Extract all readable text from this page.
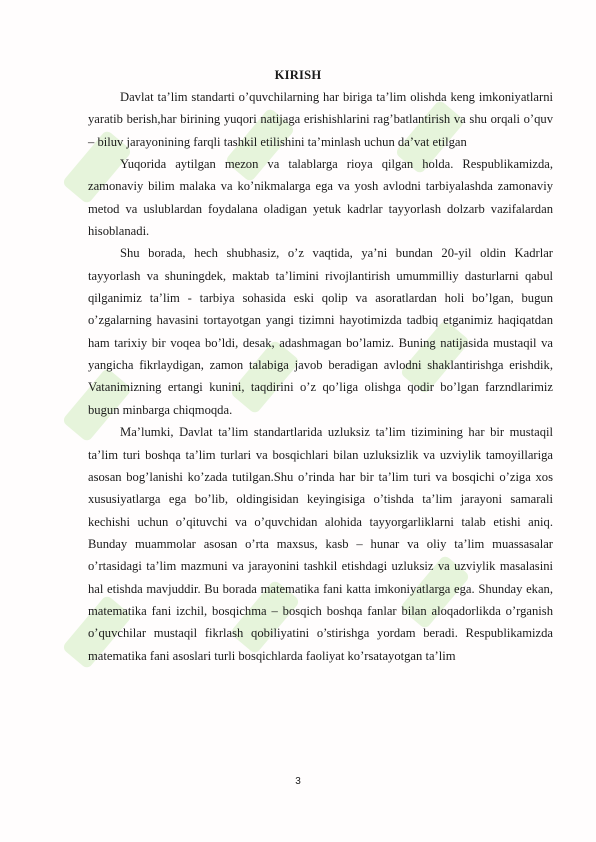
KIRISH

Davlat ta’lim standarti o’quvchilarning har biriga ta’lim olishda keng imkoniyatlarni yaratib berish,har birining yuqori natijaga erishishlarini rag’batlantirish va shu orqali o’quv – biluv jarayonining farqli tashkil etilishini ta’minlash uchun da’vat etilgan

Yuqorida aytilgan mezon va talablarga rioya qilgan holda. Respublikamizda, zamonaviy bilim malaka va ko’nikmalarga ega va yosh avlodni tarbiyalashda zamonaviy metod va uslublardan foydalana oladigan yetuk kadrlar tayyorlash dolzarb vazifalardan hisoblanadi.

Shu borada, hech shubhasiz, o’z vaqtida, ya’ni bundan 20-yil oldin Kadrlar tayyorlash va shuningdek, maktab ta’limini rivojlantirish umummilliy dasturlarni qabul qilganimiz ta’lim - tarbiya sohasida eski qolip va asoratlardan holi bo’lgan, bugun o’zgalarning havasini tortayotgan yangi tizimni hayotimizda tadbiq etganimiz haqiqatdan ham tarixiy bir voqea bo’ldi, desak, adashmagan bo’lamiz. Buning natijasida mustaqil va yangicha fikrlaydigan, zamon talabiga javob beradigan avlodni shaklantirishga erishdik, Vatanimizning ertangi kunini, taqdirini o’z qo’liga olishga qodir bo’lgan farzndlarimiz bugun minbarga chiqmoqda.

Ma’lumki, Davlat ta’lim standartlarida uzluksiz ta’lim tizimining har bir mustaqil ta’lim turi boshqa ta’lim turlari va bosqichlari bilan uzluksizlik va uzviylik tamoyillariga asosan bog’lanishi ko’zada tutilgan.Shu o’rinda har bir ta’lim turi va bosqichi o’ziga xos xususiyatlarga ega bo’lib, oldingisidan keyingisiga o’tishda ta’lim jarayoni samarali kechishi uchun o’qituvchi va o’quvchidan alohida tayyorgarliklarni talab etishi aniq. Bunday muammolar asosan o’rta maxsus, kasb – hunar va oliy ta’lim muassasalar o’rtasidagi ta’lim mazmuni va jarayonini tashkil etishdagi uzluksiz va uzviylik masalasini hal etishda mavjuddir. Bu borada matematika fani katta imkoniyatlarga ega. Shunday ekan, matematika fani izchil, bosqichma – bosqich boshqa fanlar bilan aloqadorlikda o’rganish o’quvchilar mustaqil fikrlash qobiliyatini o’stirishga yordam beradi. Respublikamizda matematika fani asoslari turli bosqichlarda faoliyat ko’rsatayotgan ta’lim

3
